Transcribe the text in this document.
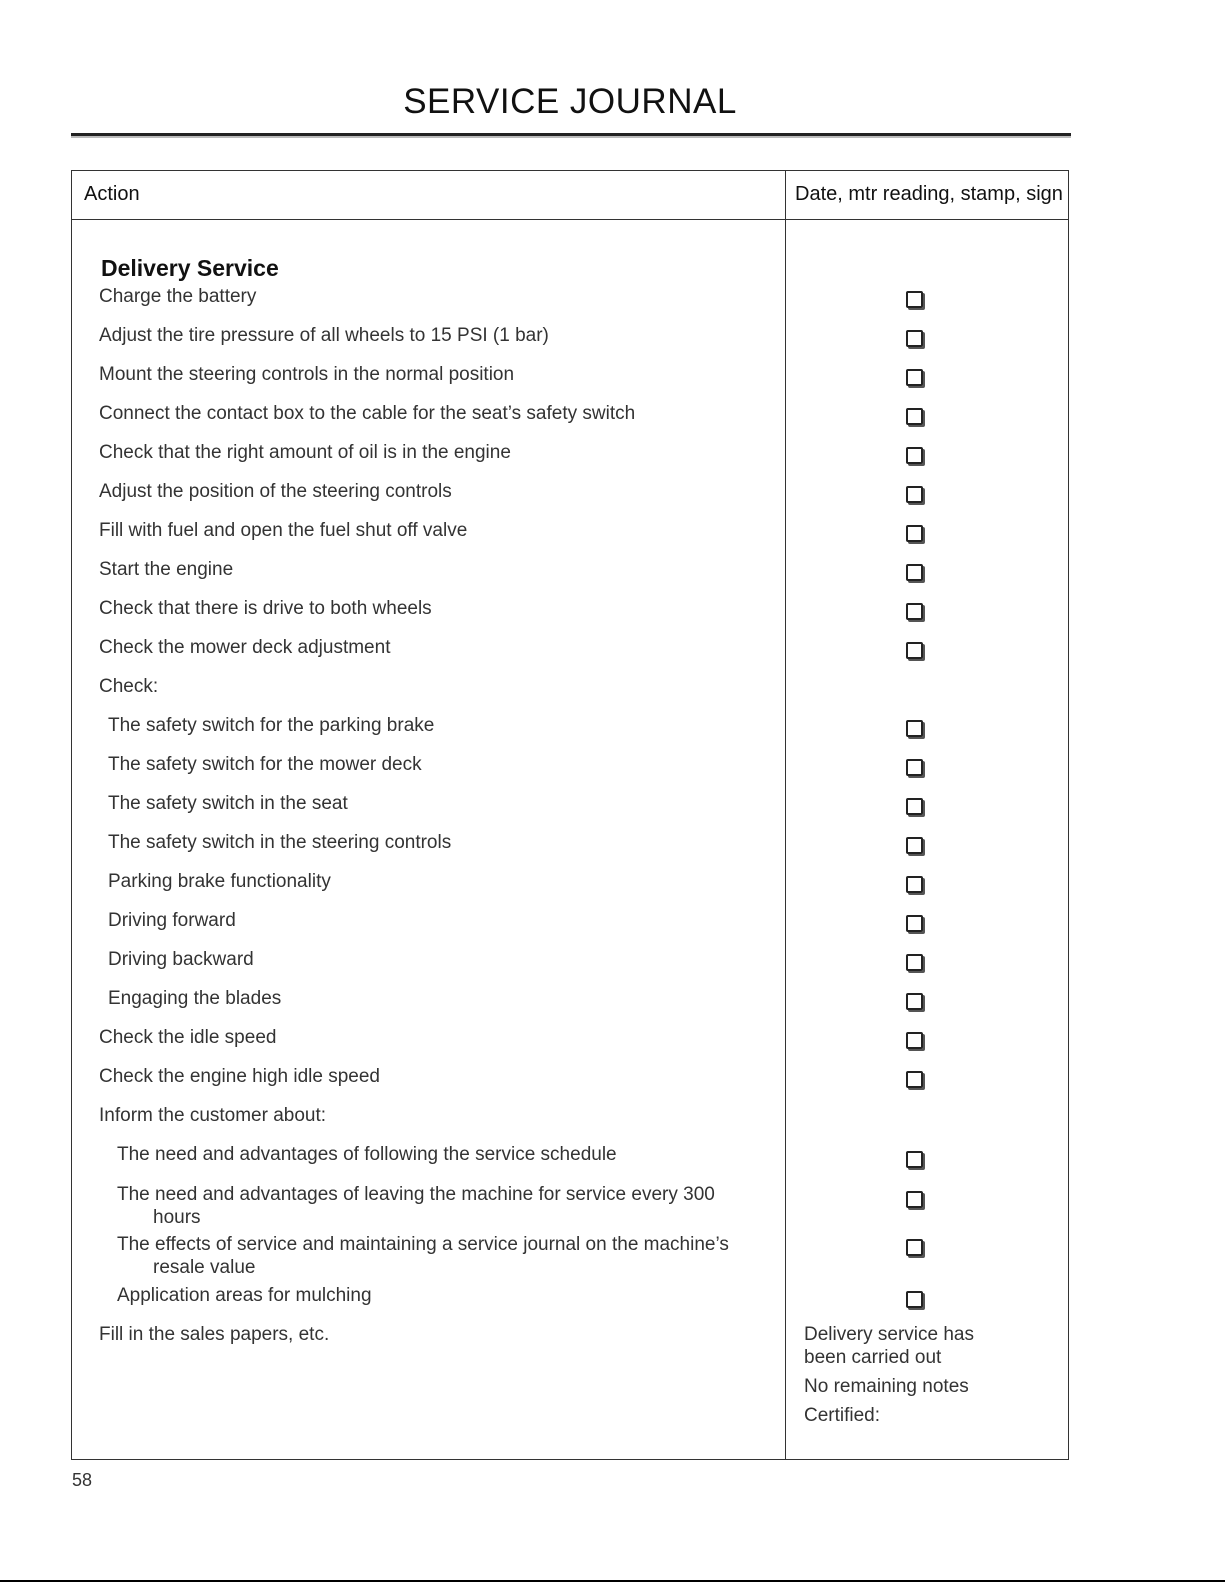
SERVICE JOURNAL
Action	Date, mtr reading, stamp, sign
Delivery Service
Charge the battery
Adjust the tire pressure of all wheels to 15 PSI (1 bar)
Mount the steering controls in the normal position
Connect the contact box to the cable for the seat’s safety switch
Check that the right amount of oil is in the engine
Adjust the position of the steering controls
Fill with fuel and open the fuel shut off valve
Start the engine
Check that there is drive to both wheels
Check the mower deck adjustment
Check:
The safety switch for the parking brake
The safety switch for the mower deck
The safety switch in the seat
The safety switch in the steering controls
Parking brake functionality
Driving forward
Driving backward
Engaging the blades
Check the idle speed
Check the engine high idle speed
Inform the customer about:
The need and advantages of following the service schedule
The need and advantages of leaving the machine for service every 300
hours
The effects of service and maintaining a service journal on the machine’s
resale value
Application areas for mulching
Fill in the sales papers, etc.	Delivery service has
been carried out
No remaining notes
Certified:
58
